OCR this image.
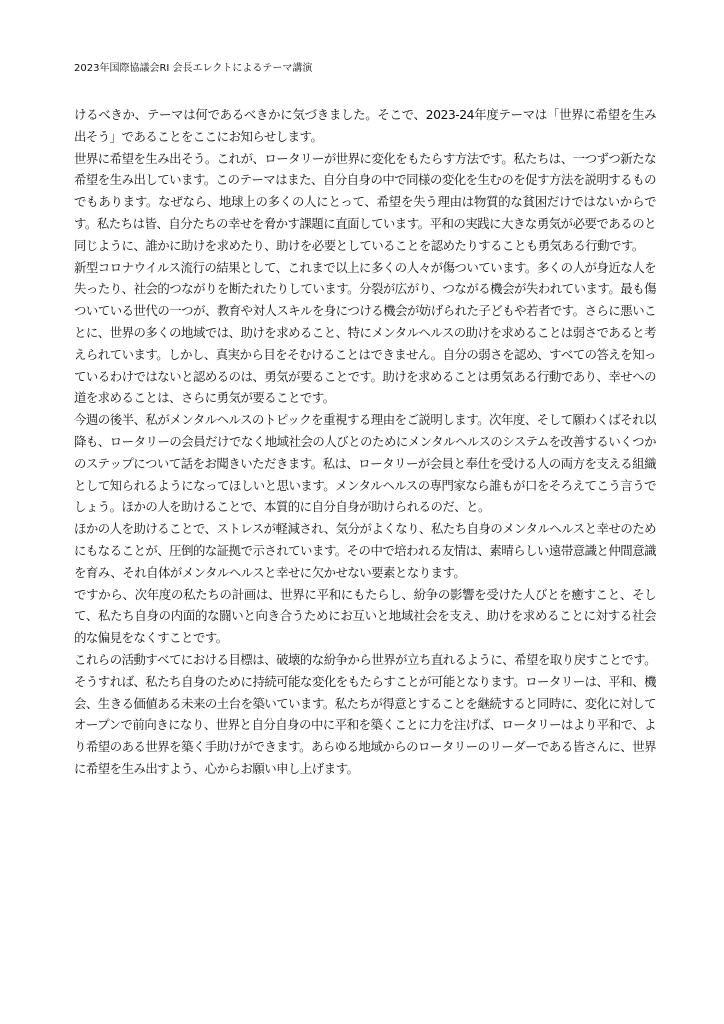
2023年国際協議会RI 会長エレクトによるテーマ講演

けるべきか、テーマは何であるべきかに気づきました。そこで、2023-24年度テーマは「世界に希望を生み出そう」であることをここにお知らせします。

世界に希望を生み出そう。これが、ロータリーが世界に変化をもたらす方法です。私たちは、一つずつ新たな希望を生み出しています。このテーマはまた、自分自身の中で同様の変化を生むのを促す方法を説明するものでもあります。なぜなら、地球上の多くの人にとって、希望を失う理由は物質的な貧困だけではないからです。私たちは皆、自分たちの幸せを脅かす課題に直面しています。平和の実践に大きな勇気が必要であるのと同じように、誰かに助けを求めたり、助けを必要としていることを認めたりすることも勇気ある行動です。

新型コロナウイルス流行の結果として、これまで以上に多くの人々が傷ついています。多くの人が身近な人を失ったり、社会的つながりを断たれたりしています。分裂が広がり、つながる機会が失われています。最も傷ついている世代の一つが、教育や対人スキルを身につける機会が妨げられた子どもや若者です。さらに悪いことに、世界の多くの地域では、助けを求めること、特にメンタルヘルスの助けを求めることは弱さであると考えられています。しかし、真実から目をそむけることはできません。自分の弱さを認め、すべての答えを知っているわけではないと認めるのは、勇気が要ることです。助けを求めることは勇気ある行動であり、幸せへの道を求めることは、さらに勇気が要ることです。

今週の後半、私がメンタルヘルスのトピックを重視する理由をご説明します。次年度、そして願わくばそれ以降も、ロータリーの会員だけでなく地域社会の人びとのためにメンタルヘルスのシステムを改善するいくつかのステップについて話をお聞きいただきます。私は、ロータリーが会員と奉仕を受ける人の両方を支える組織として知られるようになってほしいと思います。メンタルヘルスの専門家なら誰もが口をそろえてこう言うでしょう。ほかの人を助けることで、本質的に自分自身が助けられるのだ、と。

ほかの人を助けることで、ストレスが軽減され、気分がよくなり、私たち自身のメンタルヘルスと幸せのためにもなることが、圧倒的な証拠で示されています。その中で培われる友情は、素晴らしい遠帯意識と仲間意識を育み、それ自体がメンタルヘルスと幸せに欠かせない要素となります。

ですから、次年度の私たちの計画は、世界に平和にもたらし、紛争の影響を受けた人びとを癒すこと、そして、私たち自身の内面的な闘いと向き合うためにお互いと地域社会を支え、助けを求めることに対する社会的な偏見をなくすことです。

これらの活動すべてにおける目標は、破壊的な紛争から世界が立ち直れるように、希望を取り戻すことです。そうすれば、私たち自身のために持続可能な変化をもたらすことが可能となります。ロータリーは、平和、機会、生きる価値ある未来の土台を築いています。私たちが得意とすることを継続すると同時に、変化に対してオープンで前向きになり、世界と自分自身の中に平和を築くことに力を注げば、ロータリーはより平和で、より希望のある世界を築く手助けができます。あらゆる地域からのロータリーのリーダーである皆さんに、世界に希望を生み出すよう、心からお願い申し上げます。
